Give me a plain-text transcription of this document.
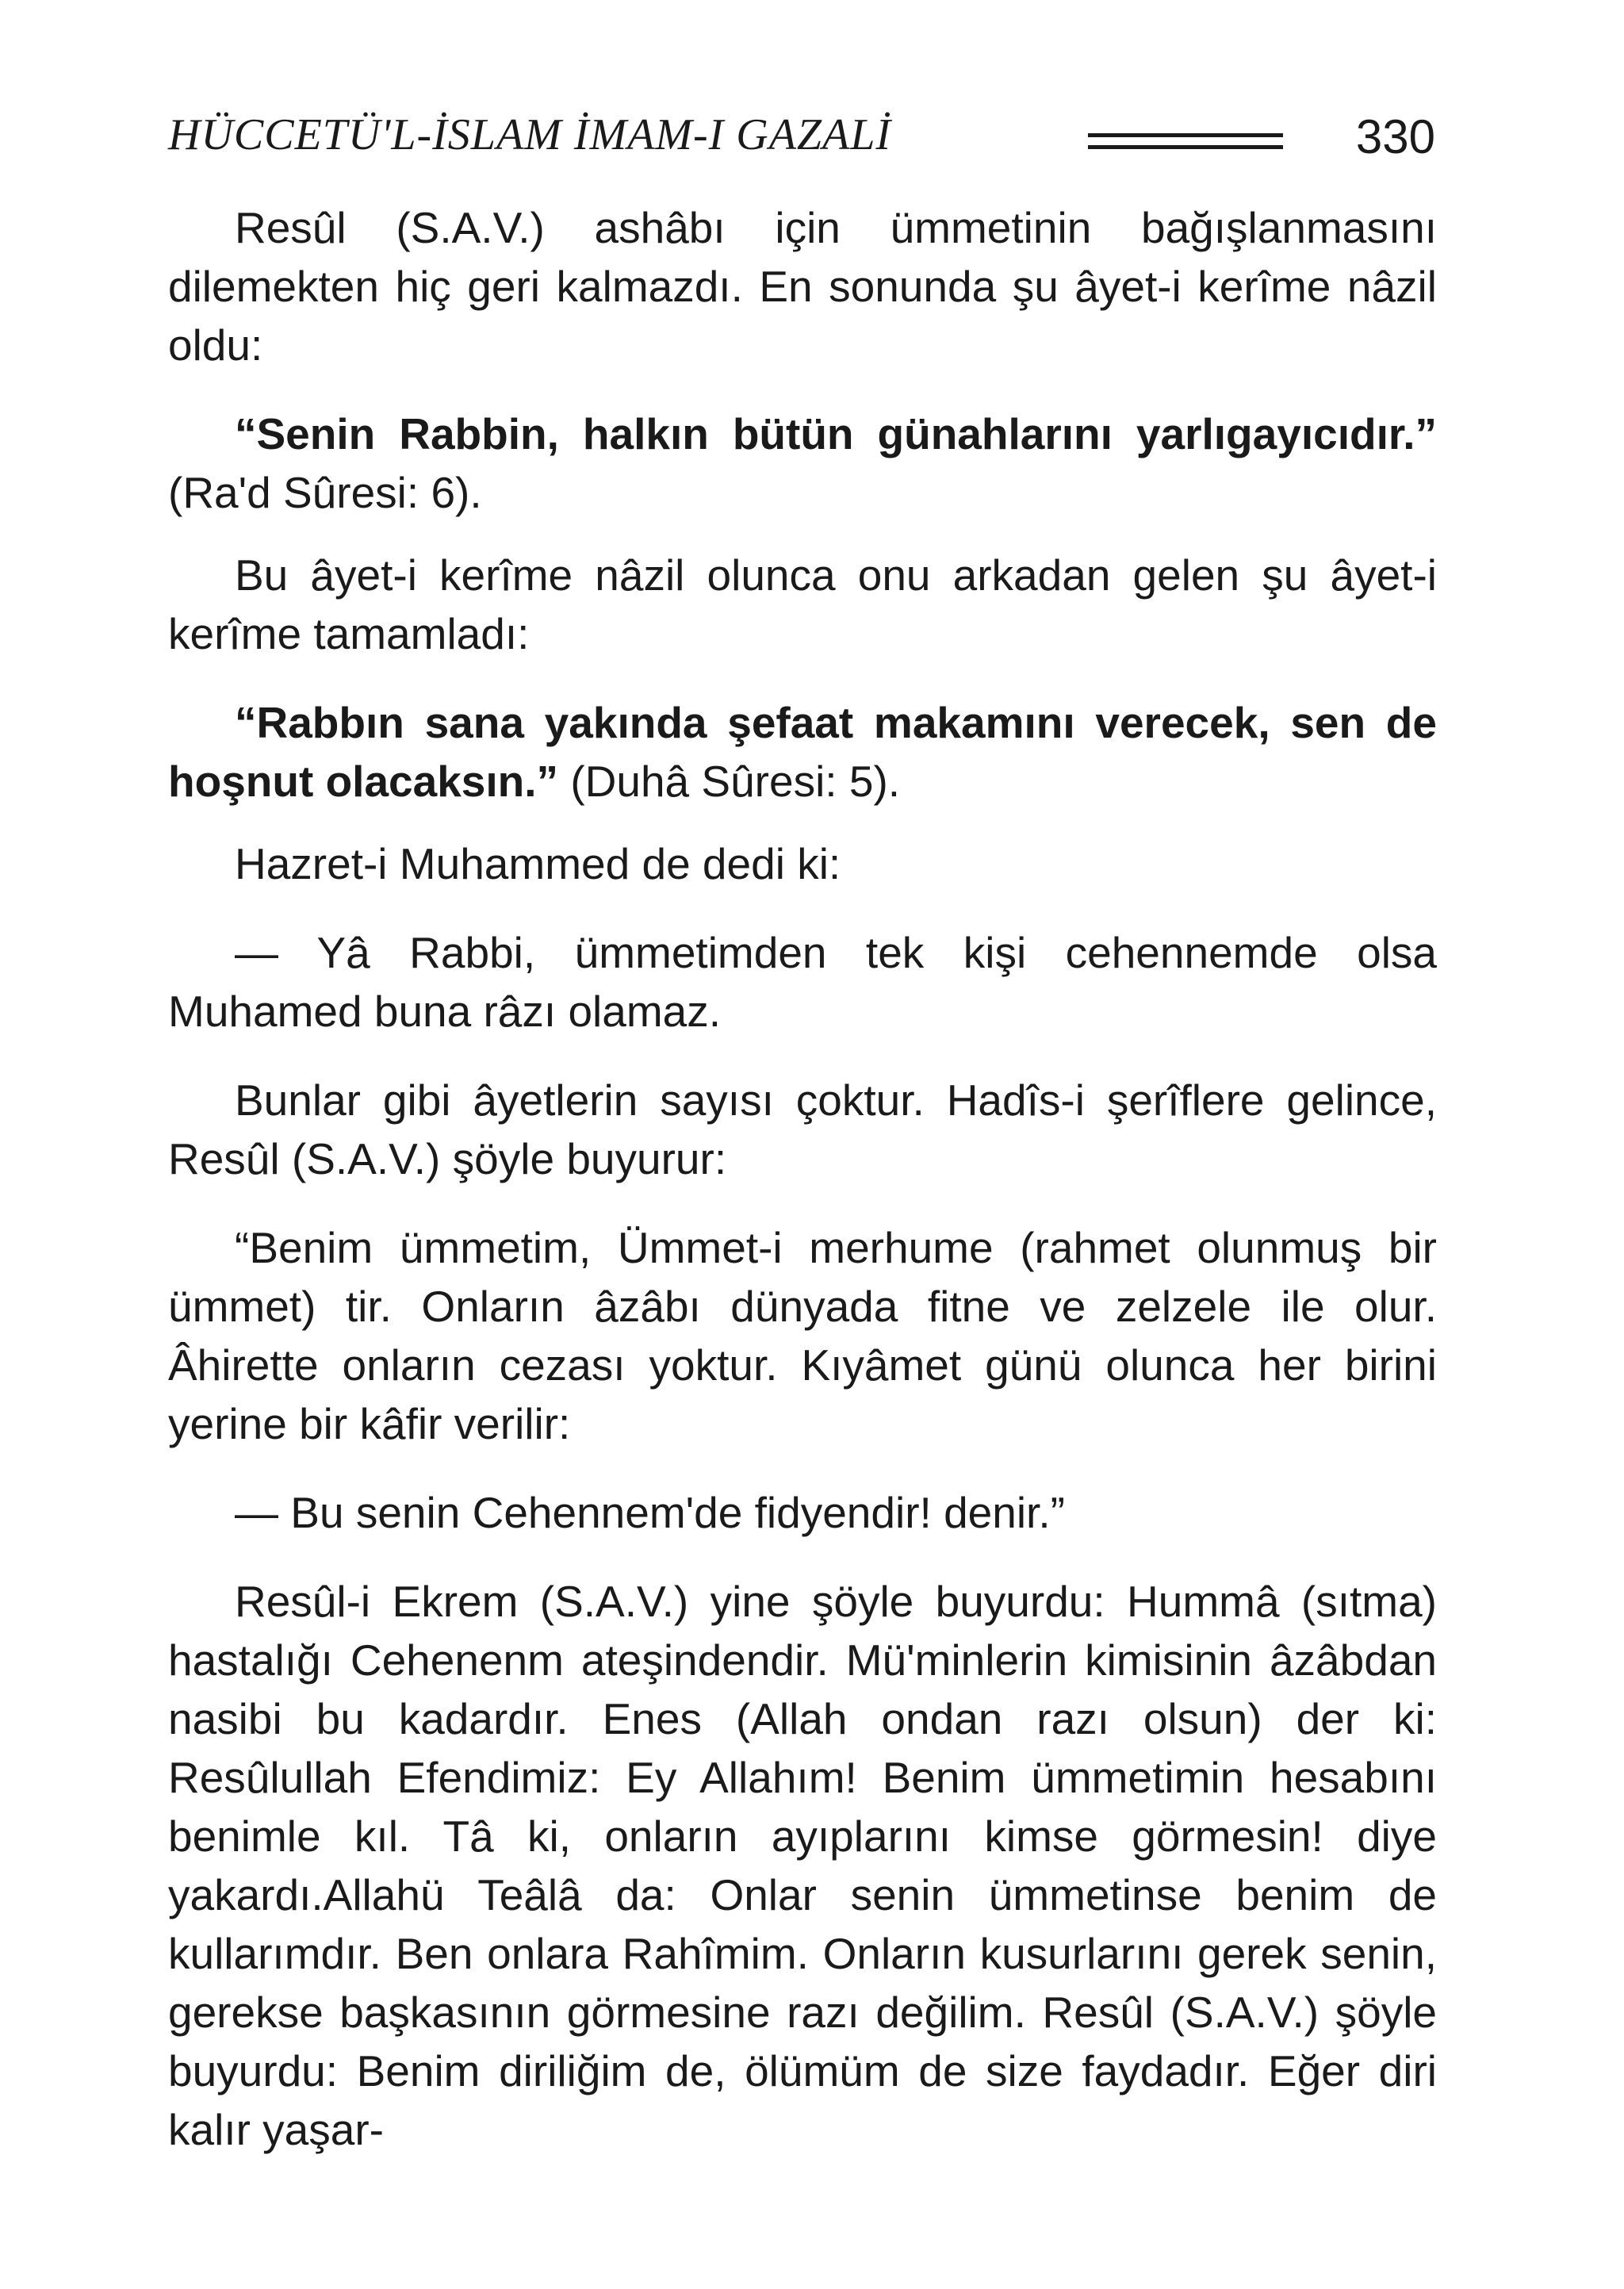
HÜCCETÜ'L-İSLAM İMAM-I GAZALİ	330

Resûl (S.A.V.) ashâbı için ümmetinin bağışlanmasını dilemekten hiç geri kalmazdı. En sonunda şu âyet-i kerîme nâzil oldu:

“Senin Rabbin, halkın bütün günahlarını yarlıgayıcıdır.” (Ra'd Sûresi: 6).

Bu âyet-i kerîme nâzil olunca onu arkadan gelen şu âyet-i kerîme tamamladı:

“Rabbın sana yakında şefaat makamını verecek, sen de hoşnut olacaksın.” (Duhâ Sûresi: 5).

Hazret-i Muhammed de dedi ki:

— Yâ Rabbi, ümmetimden tek kişi cehennemde olsa Muhamed buna râzı olamaz.

Bunlar gibi âyetlerin sayısı çoktur. Hadîs-i şerîflere gelince, Resûl (S.A.V.) şöyle buyurur:

“Benim ümmetim, Ümmet-i merhume (rahmet olunmuş bir ümmet) tir. Onların âzâbı dünyada fitne ve zelzele ile olur. Âhirette onların cezası yoktur. Kıyâmet günü olunca her birini yerine bir kâfir verilir:

— Bu senin Cehennem'de fidyendir! denir.”

Resûl-i Ekrem (S.A.V.) yine şöyle buyurdu: Hummâ (sıtma) hastalığı Cehenenm ateşindendir. Mü'minlerin kimisinin âzâbdan nasibi bu kadardır. Enes (Allah ondan razı olsun) der ki: Resûlullah Efendimiz: Ey Allahım! Benim ümmetimin hesabını benimle kıl. Tâ ki, onların ayıplarını kimse görmesin! diye yakardı.Allahü Teâlâ da: Onlar senin ümmetinse benim de kullarımdır. Ben onlara Rahîmim. Onların kusurlarını gerek senin, gerekse başkasının görmesine razı değilim. Resûl (S.A.V.) şöyle buyurdu: Benim diriliğim de, ölümüm de size faydadır. Eğer diri kalır yaşar-
